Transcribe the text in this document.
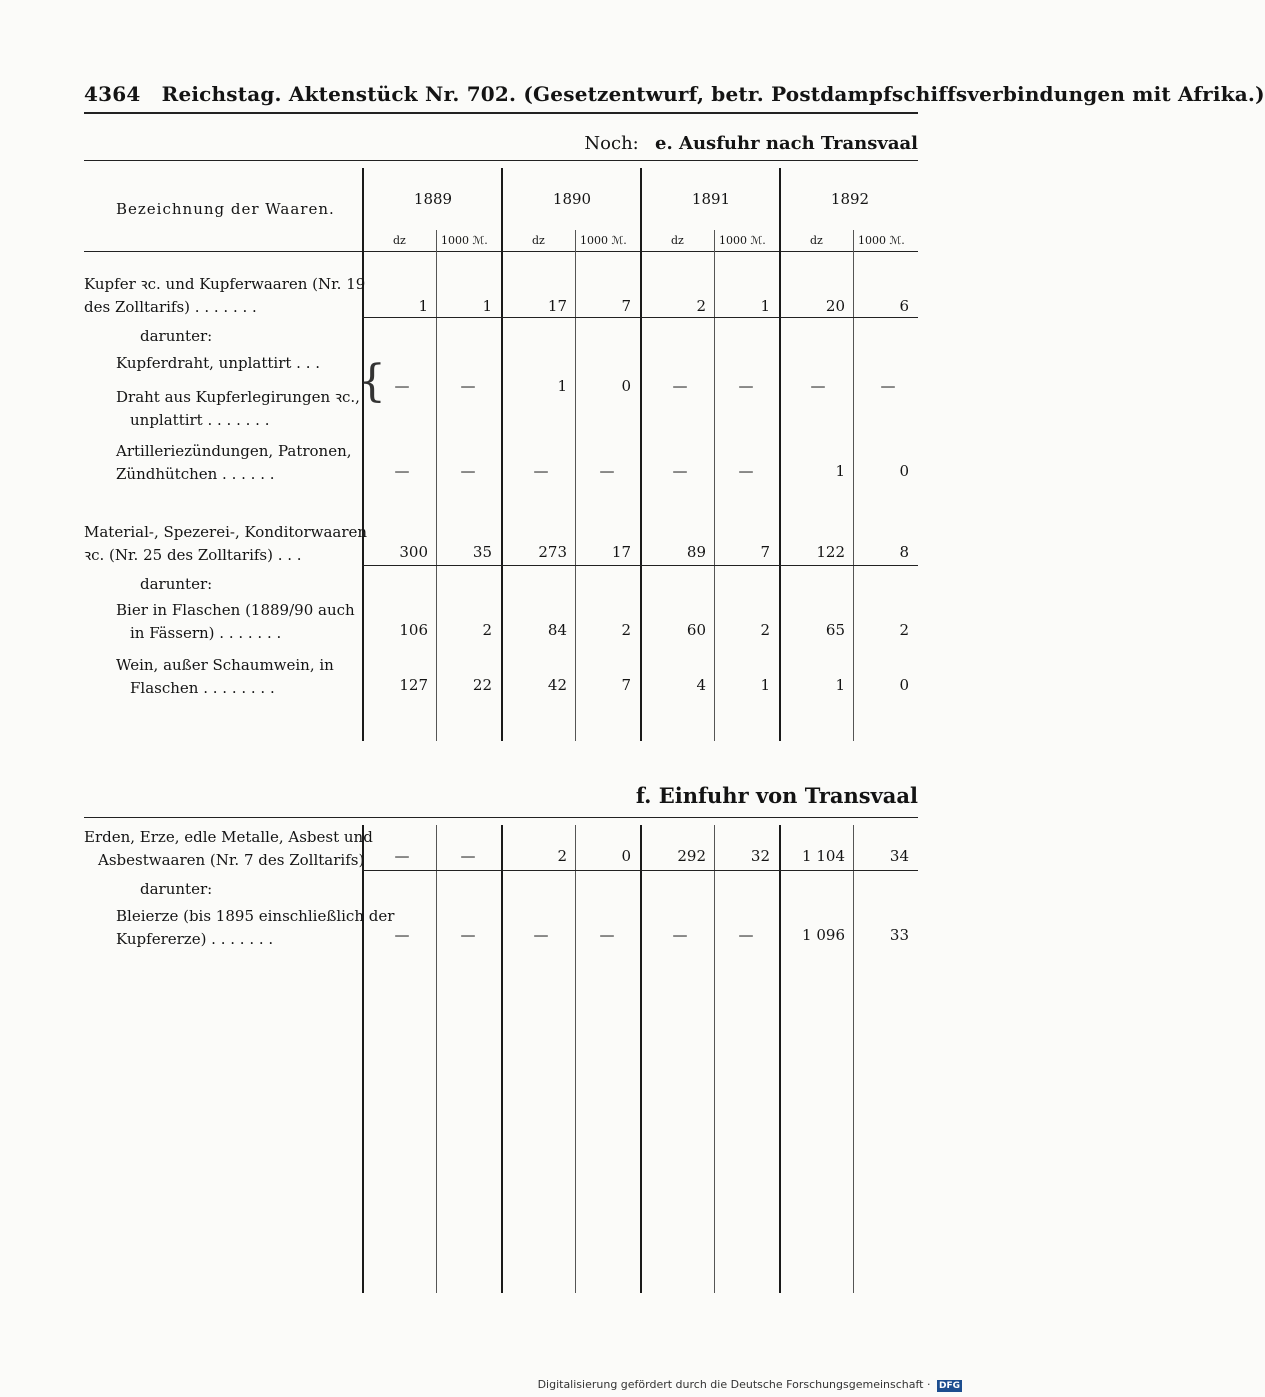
4364 Reichstag. Aktenstück Nr. 702. (Gesetzentwurf, betr. Postdampfschiffsverbindungen mit Afrika.)
Noch: e. Ausfuhr nach Transvaal
Bezeichnung der Waaren.
1889	1890	1891	1892
dz	1000 ℳ.	dz	1000 ℳ.	dz	1000 ℳ.	dz	1000 ℳ.
Kupfer ꝛc. und Kupferwaaren (Nr. 19
des Zolltarifs) . . . . . . .	1	1	17	7	2	1	20	6
darunter:
Kupferdraht, unplattirt . . . {
Draht aus Kupferlegirungen ꝛc.,
unplattirt . . . . . . .
—	—	1	0	—	—	—	—
Artilleriezündungen, Patronen,
Zündhütchen . . . . . .	—	—	—	—	—	—	1	0
Material-, Spezerei-, Konditorwaaren
ꝛc. (Nr. 25 des Zolltarifs) . . .	300	35	273	17	89	7	122	8
darunter:
Bier in Flaschen (1889/90 auch
in Fässern) . . . . . . .	106	2	84	2	60	2	65	2
Wein, außer Schaumwein, in
Flaschen . . . . . . . .	127	22	42	7	4	1	1	0
f. Einfuhr von Transvaal
Erden, Erze, edle Metalle, Asbest und
Asbestwaaren (Nr. 7 des Zolltarifs)	—	—	2	0	292	32	1 104	34
darunter:
Bleierze (bis 1895 einschließlich der
Kupfererze) . . . . . . .	—	—	—	—	—	—	1 096	33
Digitalisierung gefördert durch die Deutsche Forschungsgemeinschaft · DFG
